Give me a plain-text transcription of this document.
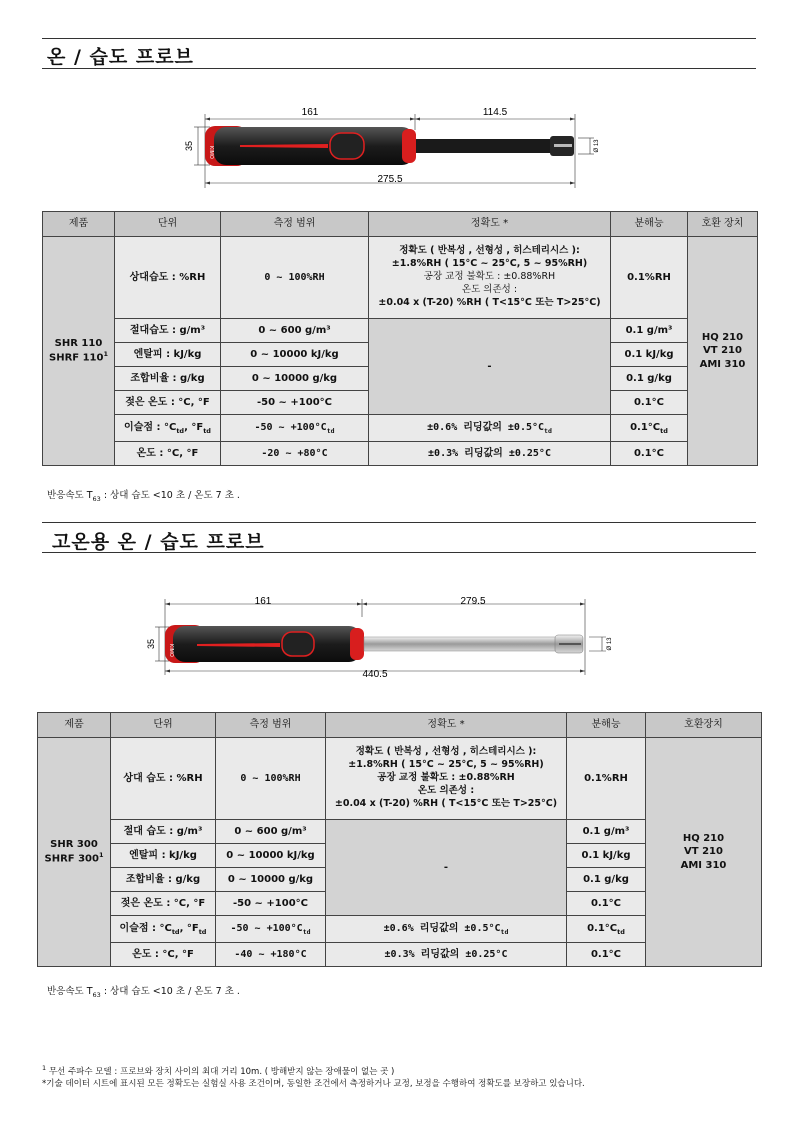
온 / 습도 프로브
KIMO
161	114.5
275.5
35	Ø 13
제품	단위	측정 범위	정확도 *	분해능	호환 장치
SHR 110
SHRF $110^1$	상대습도 : %RH	0 ~ 100%RH	정확도 ( 반복성 , 선형성 , 히스테리시스 ):
±1.8%RH ( 15°C ~ 25°C, 5 ~ 95%RH)
공장 교정 불확도 : ±0.88%RH
온도 의존성 :
±0.04 x (T-20) %RH ( T<15°C 또는 T>25°C)	0.1%RH	HQ 210
VT 210
AMI 310
	절대습도 : g/m³	0 ~ 600 g/m³	-	0.1 g/m³	
	엔탈피 : kJ/kg	0 ~ 10000 kJ/kg		0.1 kJ/kg	
	조합비율 : g/kg	0 ~ 10000 g/kg		0.1 g/kg	
	젖은 온도 : °C, °F	-50 ~ +100°C		0.1°C	
	이슬점 : $^\circ C_{td}$, $^\circ F_{td}$	-50 ~ $+100^\circ C_{td}$	±0.6% 리딩값의 $\pm 0.5^\circ C_{td}$	$0.1^\circ C_{td}$
	온도 : °C, °F	-20 ~ +80°C	±0.3% 리딩값의 ±0.25°C	0.1°C	
반응속도 $T_{63}$ : 상대 습도 <10 초 / 온도 7 초 .
고온용 온 / 습도 프로브
KIMO
161	279.5
440.5
35	Ø 13
제품	단위	측정 범위	정확도 *	분해능	호환장치
SHR 300
SHRF $300^1$	상대 습도 : %RH	0 ~ 100%RH	정확도 ( 반복성 , 선형성 , 히스테리시스 ):
±1.8%RH ( 15°C ~ 25°C, 5 ~ 95%RH)
공장 교정 불확도 : ±0.88%RH
온도 의존성 :
±0.04 x (T-20) %RH ( T<15°C 또는 T>25°C)	0.1%RH	HQ 210
VT 210
AMI 310
	절대 습도 : g/m³	0 ~ 600 g/m³	-	0.1 g/m³	
	엔탈피 : kJ/kg	0 ~ 10000 kJ/kg		0.1 kJ/kg	
	조합비율 : g/kg	0 ~ 10000 g/kg		0.1 g/kg	
	젖은 온도 : °C, °F	-50 ~ +100°C		0.1°C	
	이슬점 : $^\circ C_{td}$, $^\circ F_{td}$	-50 ~ $+100^\circ C_{td}$	±0.6% 리딩값의 $\pm 0.5^\circ C_{td}$	$0.1^\circ C_{td}$
	온도 : °C, °F	-40 ~ +180°C	±0.3% 리딩값의 ±0.25°C	0.1°C	
반응속도 $T_{63}$ : 상대 습도 <10 초 / 온도 7 초 .
$^1$ 무선 주파수 모델 : 프로브와 장치 사이의 최대 거리 10m. ( 방해받지 않는 장애물이 없는 곳 )
*기술 데이터 시트에 표시된 모든 정확도는 실험실 사용 조건이며, 동일한 조건에서 측정하거나 교정, 보정을 수행하여 정확도를 보장하고 있습니다.
